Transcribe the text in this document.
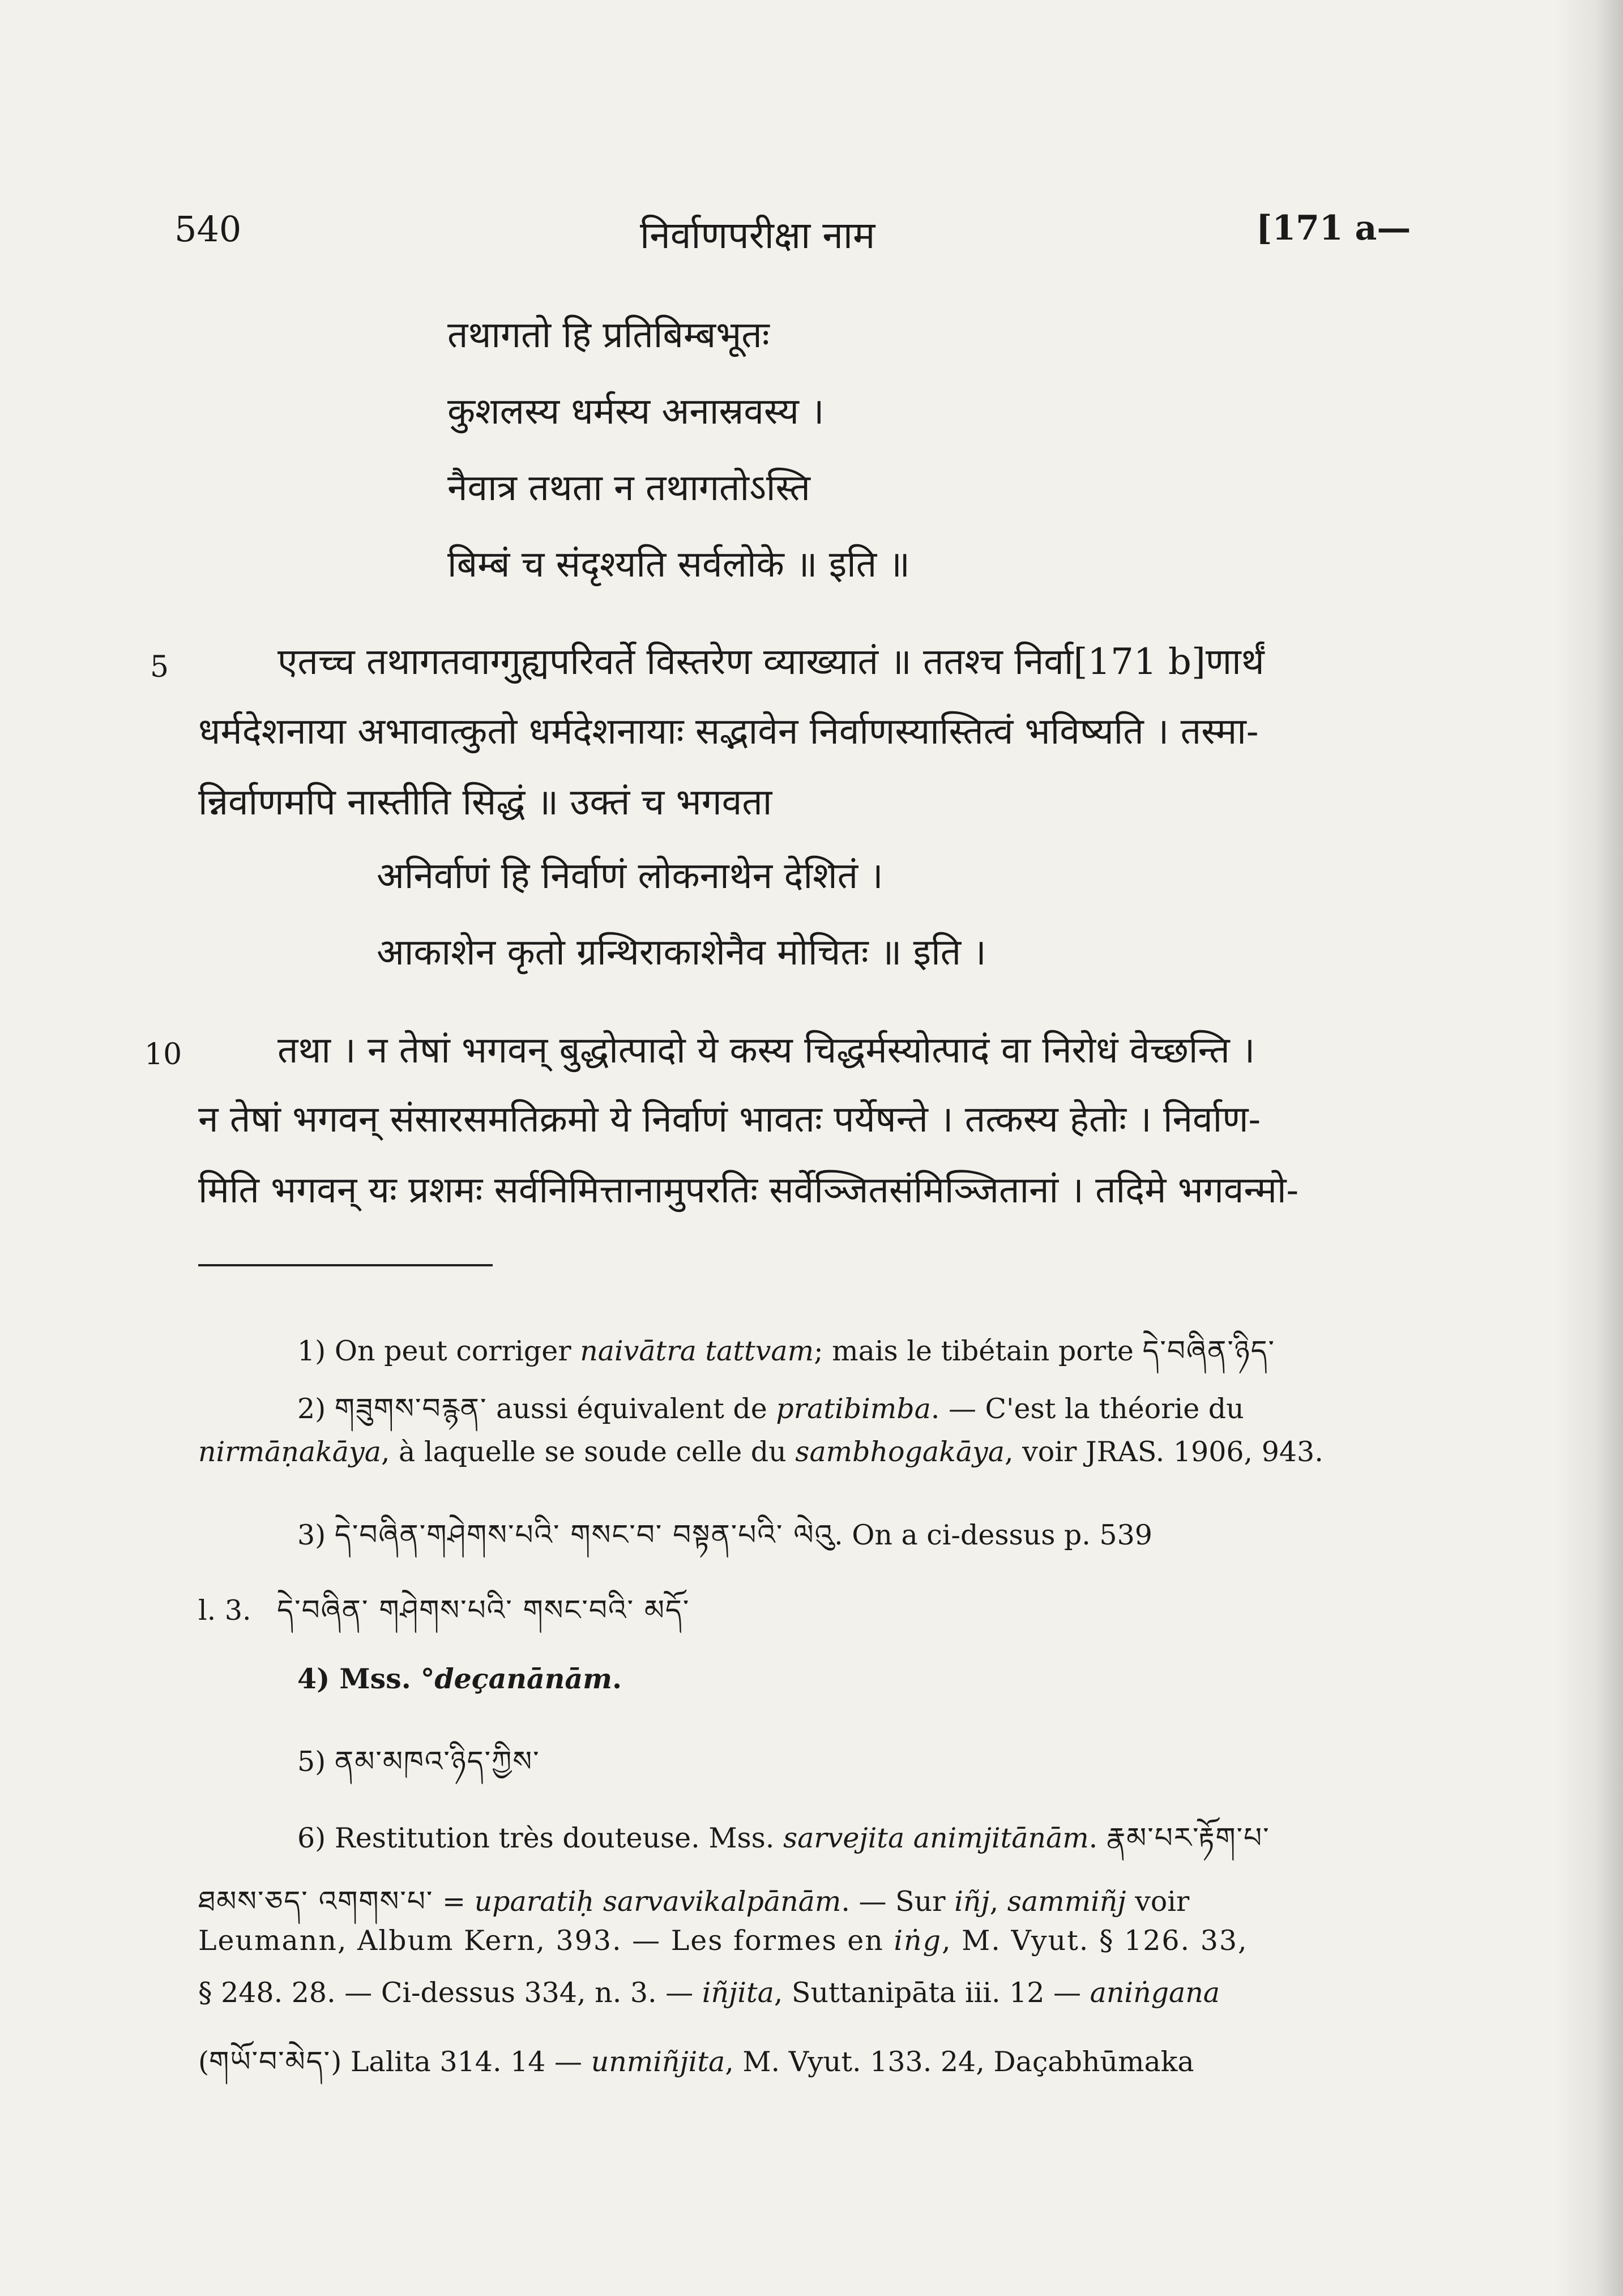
540	निर्वाणपरीक्षा नाम	[171 a—
तथागतो हि प्रतिबिम्बभूतः
कुशलस्य धर्मस्य अनास्रवस्य ।
नैवात्र तथता न तथागतोऽस्ति
बिम्बं च संदृश्यति सर्वलोके ॥ इति ॥
5	एतच्च तथागतवाग्गुह्यपरिवर्ते विस्तरेण व्याख्यातं ॥ ततश्च निर्वा[171 b]णार्थं
धर्मदेशनाया अभावात्कुतो धर्मदेशनायाः सद्भावेन निर्वाणस्यास्तित्वं भविष्यति । तस्मा-
न्निर्वाणमपि नास्तीति सिद्धं ॥ उक्तं च भगवता
अनिर्वाणं हि निर्वाणं लोकनाथेन देशितं ।
आकाशेन कृतो ग्रन्थिराकाशेनैव मोचितः ॥ इति ।
10	तथा । न तेषां भगवन् बुद्धोत्पादो ये कस्य चिद्धर्मस्योत्पादं वा निरोधं वेच्छन्ति ।
न तेषां भगवन् संसारसमतिक्रमो ये निर्वाणं भावतः पर्येषन्ते । तत्कस्य हेतोः । निर्वाण-
मिति भगवन् यः प्रशमः सर्वनिमित्तानामुपरतिः सर्वेञ्जितसंमिञ्जितानां । तदिमे भगवन्मो-
1) On peut corriger naivātra tattvam; mais le tibétain porte དེ་བཞིན་ཉིད་
2) གཟུགས་བརྙན་ aussi équivalent de pratibimba. — C'est la théorie du
nirmāṇakāya, à laquelle se soude celle du sambhogakāya, voir JRAS. 1906, 943.
3) དེ་བཞིན་གཤེགས་པའི་ གསང་བ་ བསྟན་པའི་ ལེའུ. On a ci-dessus p. 539
l. 3. དེ་བཞིན་ གཤེགས་པའི་ གསང་བའི་ མདོ་
4) Mss. °deçanānām.
5) ནམ་མཁའ་ཉིད་ཀྱིས་
6) Restitution très douteuse. Mss. sarvejita animjitānām. རྣམ་པར་རྟོག་པ་
ཐམས་ཅད་ འགགས་པ་ = uparatiḥ sarvavikalpānām. — Sur iñj, sammiñj voir
Leumann, Album Kern, 393. — Les formes en iṅg, M. Vyut. § 126. 33,
§ 248. 28. — Ci-dessus 334, n. 3. — iñjita, Suttanipāta iii. 12 — aniṅgana
(གཡོ་བ་མེད་) Lalita 314. 14 — unmiñjita, M. Vyut. 133. 24, Daçabhūmaka
